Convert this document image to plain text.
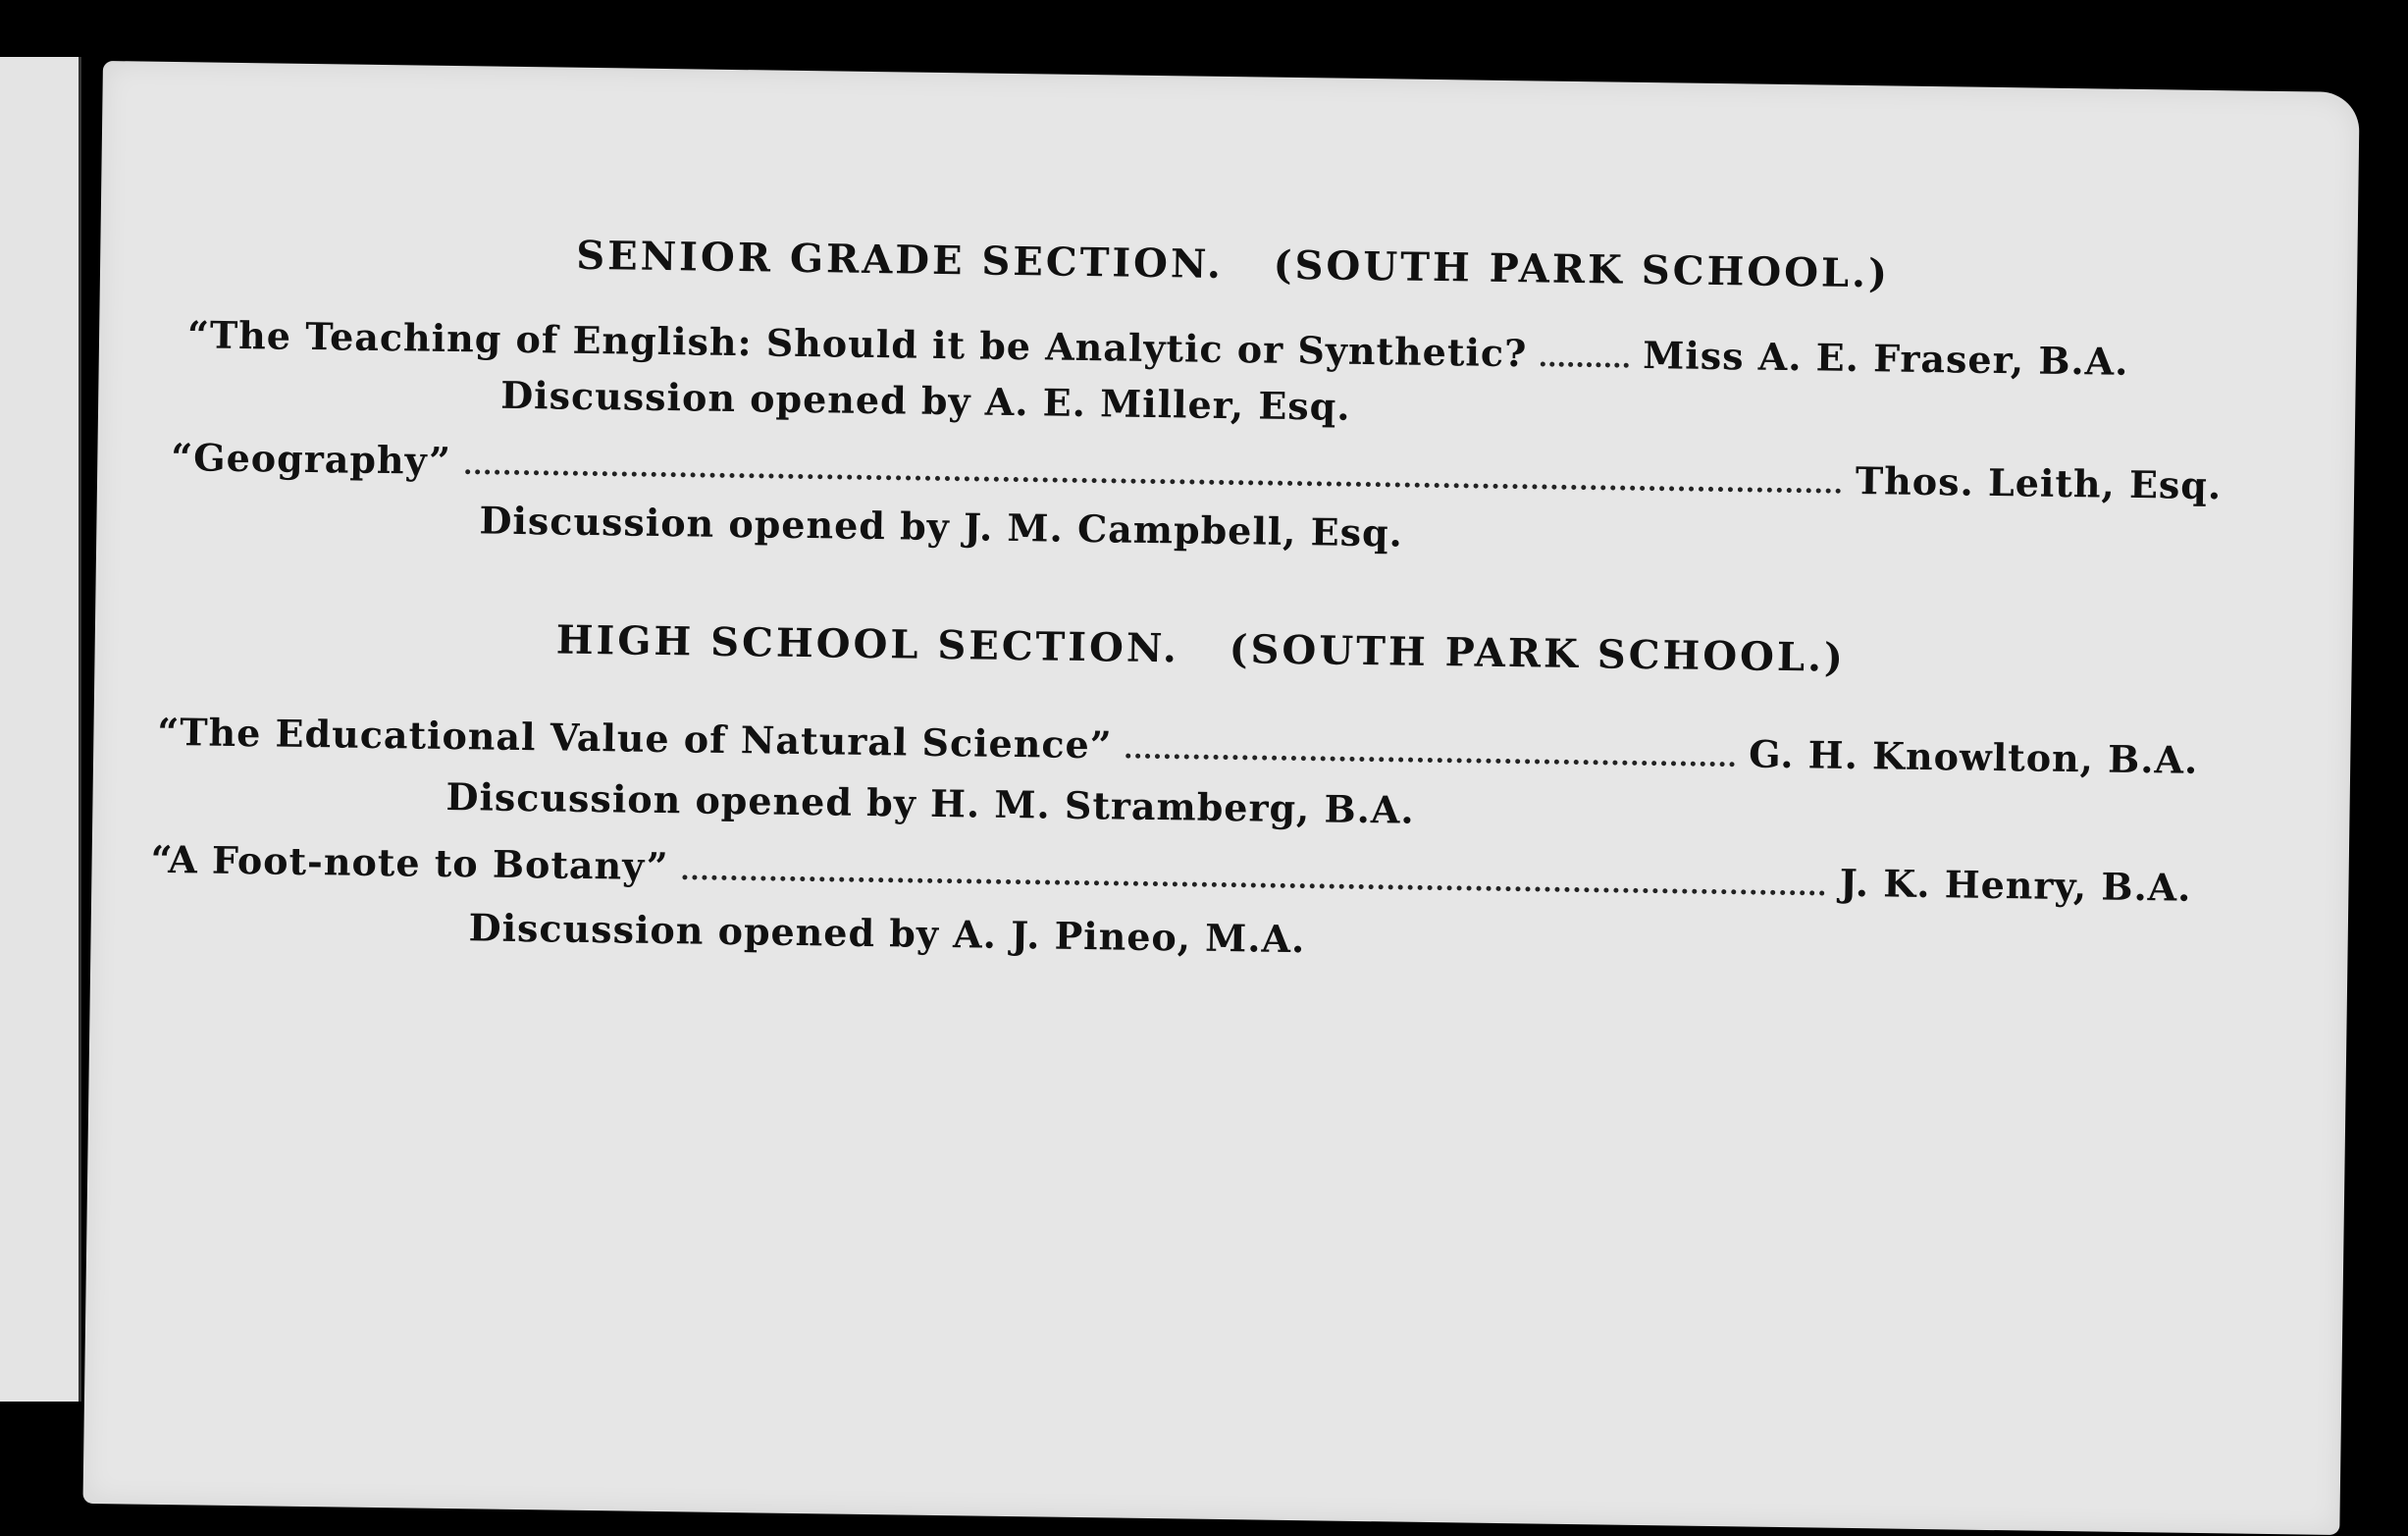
SENIOR GRADE SECTION. (SOUTH PARK SCHOOL.)
“The Teaching of English: Should it be Analytic or Synthetic?	Miss A. E. Fraser, B.A.
Discussion opened by A. E. Miller, Esq.
“Geography”	Thos. Leith, Esq.
Discussion opened by J. M. Campbell, Esq.
HIGH SCHOOL SECTION. (SOUTH PARK SCHOOL.)
“The Educational Value of Natural Science”	G. H. Knowlton, B.A.
Discussion opened by H. M. Stramberg, B.A.
“A Foot-note to Botany”	J. K. Henry, B.A.
Discussion opened by A. J. Pineo, M.A.
